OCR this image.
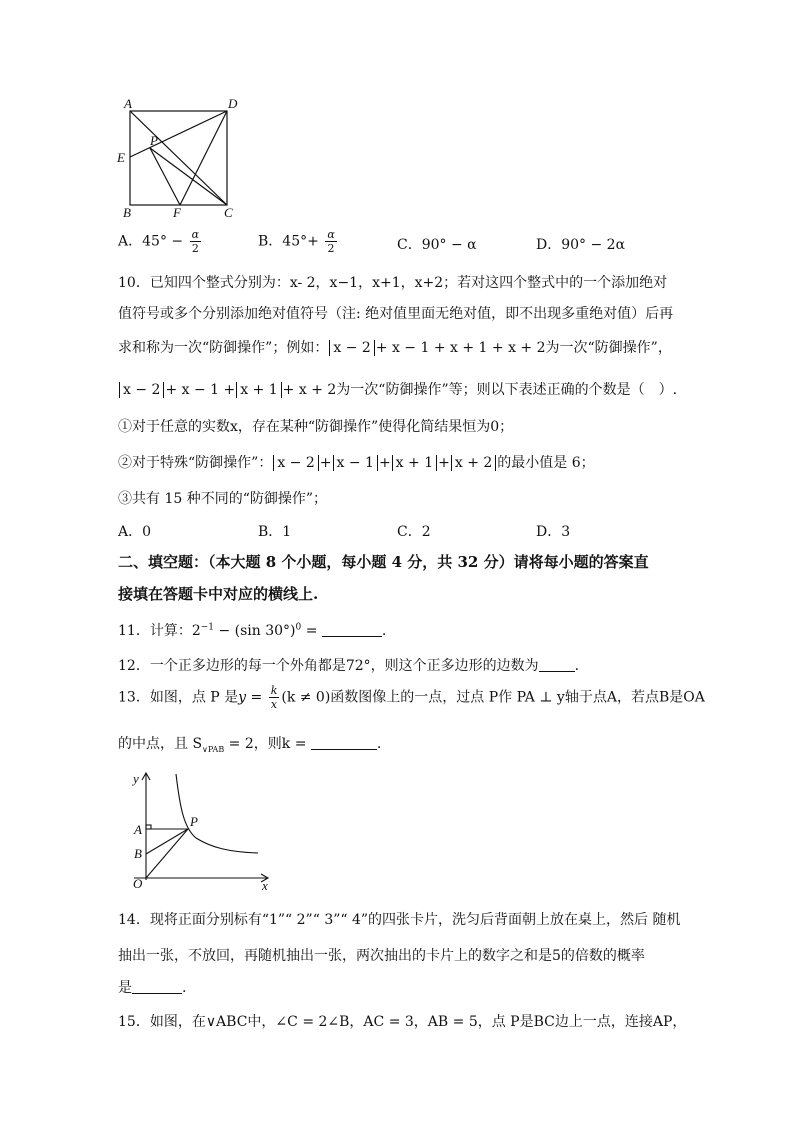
A	D
P
E
B	F	C
A．$45^\circ - \frac{\alpha}{2}$	B．$45^\circ+ \frac{\alpha}{2}$	C．90° − α	D．90° − 2α
10．已知四个整式分别为：x- 2，x−1，x+1，x+2；若对这四个整式中的一个添加绝对
值符号或多个分别添加绝对值符号（注: 绝对值里面无绝对值，即不出现多重绝对值）后再
求和称为一次“防御操作”；例如： x − 2 + x − 1 + x + 1 + x + 2为一次“防御操作”，
x − 2 + x − 1 + x + 1 + x + 2为一次“防御操作”等；则以下表述正确的个数是（　）.
①对于任意的实数x，存在某种“防御操作”使得化简结果恒为0；
②对于特殊“防御操作”： x − 2 + x − 1 + x + 1 + x + 2 的最小值是 6；
③共有 15 种不同的“防御操作”；
A．0	B．1	C．2	D．3
二、填空题：（本大题 8 个小题，每小题 4 分，共 32 分）请将每小题的答案直
接填在答题卡中对应的横线上.
11．计算：$2^{-1} - (\sin$ 30°)$^0$ =	.
12．一个正多边形的每一个外角都是72°，则这个正多边形的边数为	.
13．如图，点 P 是$y = \frac{k}{x} (k \ne 0)$函数图像上的一点，过点 P作 PA ⊥ y轴于点A，若点B是OA
的中点，且 $S_{\vee PAB} = 2$，则k =	.
y
x
A
B
O
P
14．现将正面分别标有“1”“ 2”“ 3”“ 4”的四张卡片，洗匀后背面朝上放在桌上，然后 随机
抽出一张，不放回，再随机抽出一张，两次抽出的卡片上的数字之和是5的倍数的概率
是	.
15．如图，在∨ABC中，∠C = 2∠B，AC = 3，AB = 5，点 P是BC边上一点，连接AP，
